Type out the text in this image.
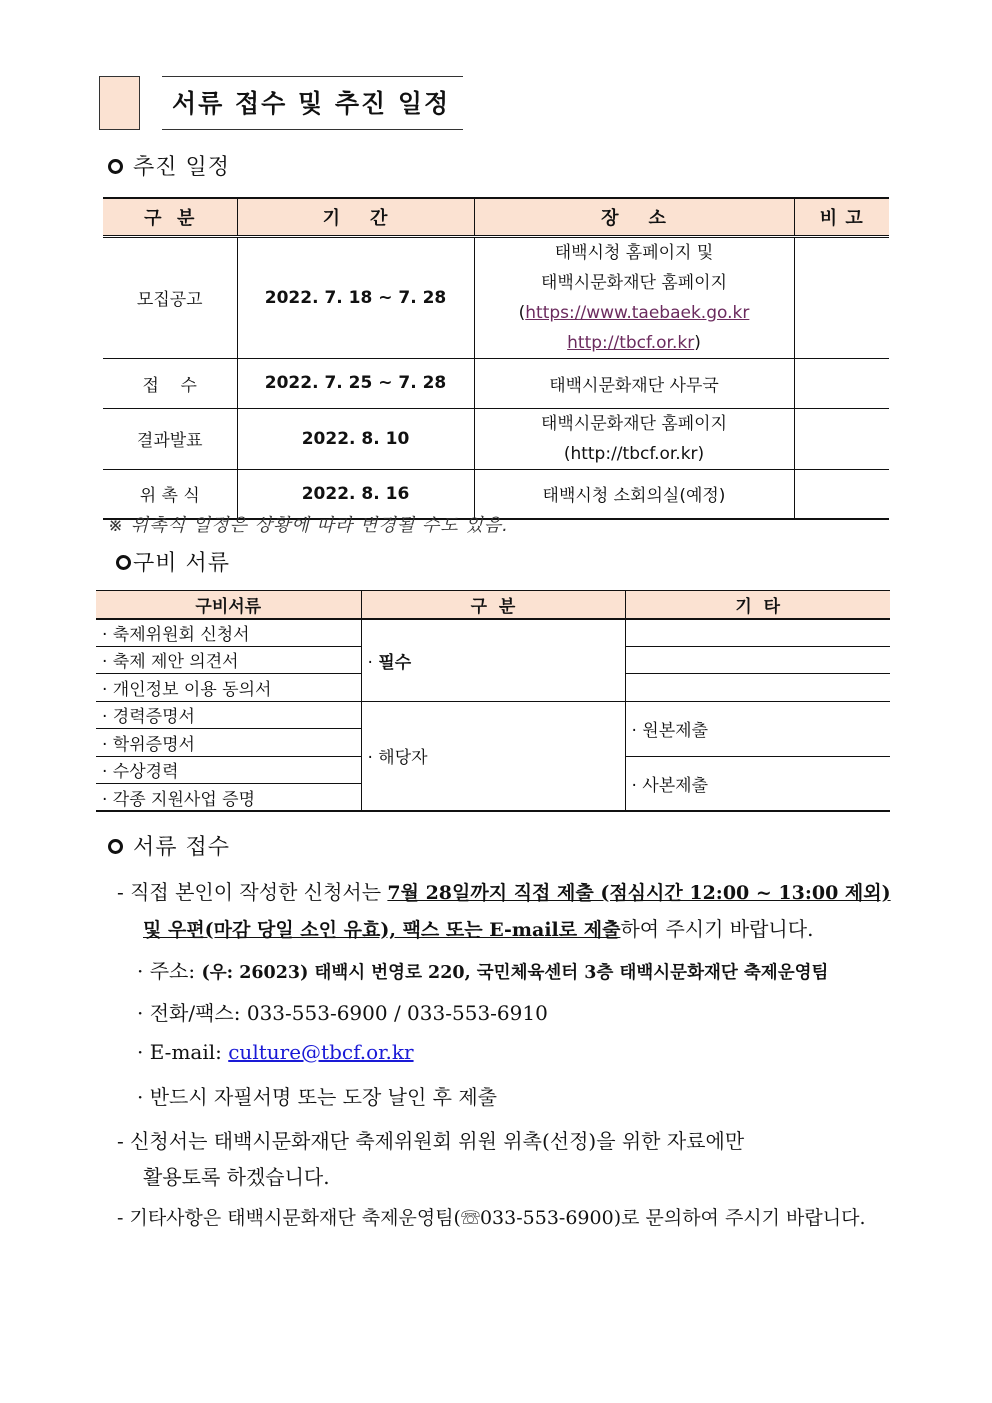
서류 접수 및 추진 일정
추진 일정
구  분	기    간	장    소	비 고
모집공고	2022. 7. 18 ~ 7. 28	태백시청 홈페이지 및
태백시문화재단 홈페이지
(https://www.taebaek.go.kr
http://tbcf.or.kr)	

접    수	2022. 7. 25 ~ 7. 28	태백시문화재단 사무국	
결과발표	2022. 8. 10	태백시문화재단 홈페이지
(http://tbcf.or.kr)	

위 촉 식	2022. 8. 16	태백시청 소회의실(예정)	
※ 위촉식 일정은 상황에 따라 변경될 수도 있음.
구비 서류
구비서류	구  분	기  타
· 축제위원회 신청서	· 필수	
· 축제 제안 의견서		
· 개인정보 이용 동의서		
· 경력증명서	· 해당자	· 원본제출
· 학위증명서		
· 수상경력		· 사본제출
· 각종 지원사업 증명		
서류 접수
- 직접 본인이 작성한 신청서는 7월 28일까지 직접 제출 (점심시간 12:00 ~ 13:00 제외)
및 우편(마감 당일 소인 유효), 팩스 또는 E-mail로 제출하여 주시기 바랍니다.
· 주소: (우: 26023) 태백시 번영로 220, 국민체육센터 3층 태백시문화재단 축제운영팀
· 전화/팩스: 033-553-6900 / 033-553-6910
· E-mail: culture@tbcf.or.kr
· 반드시 자필서명 또는 도장 날인 후 제출
- 신청서는 태백시문화재단 축제위원회 위원 위촉(선정)을 위한 자료에만
활용토록 하겠습니다.
- 기타사항은 태백시문화재단 축제운영팀(☏033-553-6900)로 문의하여 주시기 바랍니다.
